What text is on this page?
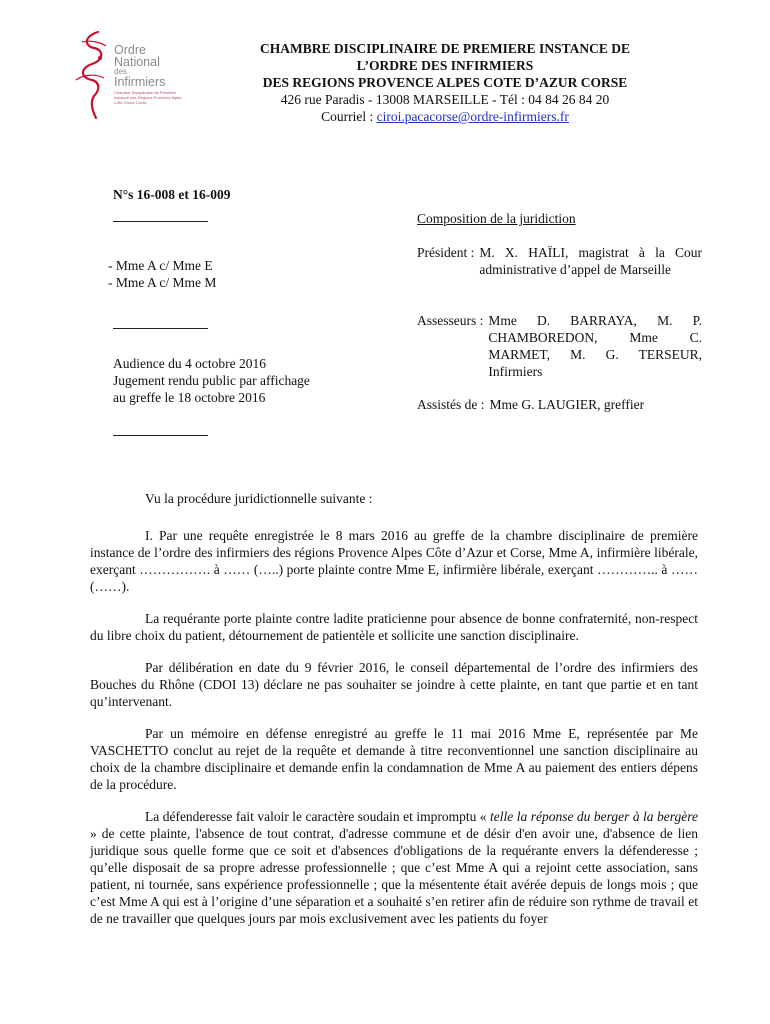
Ordre
National
des
Infirmiers
Chambre Disciplinaire de Première Instance des Régions Provence Alpes Côte d'Azur Corse
CHAMBRE DISCIPLINAIRE DE PREMIERE INSTANCE DE
L’ORDRE DES INFIRMIERS
DES REGIONS PROVENCE ALPES COTE D’AZUR CORSE
426 rue Paradis - 13008 MARSEILLE - Tél : 04 84 26 84 20
Courriel : ciroi.pacacorse@ordre-infirmiers.fr
N°s 16-008 et 16-009
- Mme A c/ Mme E
- Mme A c/ Mme M
Audience du 4 octobre 2016
Jugement rendu public par affichage
au greffe le 18 octobre 2016
Composition de la juridiction
Président : M. X. HAÏLI, magistrat à la Cour administrative d’appel de Marseille
Assesseurs : Mme D. BARRAYA, M. P. CHAMBOREDON, Mme C. MARMET, M. G. TERSEUR, Infirmiers
Assistés de : Mme G. LAUGIER, greffier

Vu la procédure juridictionnelle suivante :

I. Par une requête enregistrée le 8 mars 2016 au greffe de la chambre disciplinaire de première instance de l’ordre des infirmiers des régions Provence Alpes Côte d’Azur et Corse, Mme A, infirmière libérale, exerçant ……………. à …… (…..) porte plainte contre Mme E, infirmière libérale, exerçant ………….. à …… (……).

La requérante porte plainte contre ladite praticienne pour absence de bonne confraternité, non-respect du libre choix du patient, détournement de patientèle et sollicite une sanction disciplinaire.

Par délibération en date du 9 février 2016, le conseil départemental de l’ordre des infirmiers des Bouches du Rhône (CDOI 13) déclare ne pas souhaiter se joindre à cette plainte, en tant que partie et en tant qu’intervenant.

Par un mémoire en défense enregistré au greffe le 11 mai 2016 Mme E, représentée par Me VASCHETTO conclut au rejet de la requête et demande à titre reconventionnel une sanction disciplinaire au choix de la chambre disciplinaire et demande enfin la condamnation de Mme A au paiement des entiers dépens de la procédure.

La défenderesse fait valoir le caractère soudain et impromptu « telle la réponse du berger à la bergère » de cette plainte, l'absence de tout contrat, d'adresse commune et de désir d'en avoir une, d'absence de lien juridique sous quelle forme que ce soit et d'absences d'obligations de la requérante envers la défenderesse ; qu’elle disposait de sa propre adresse professionnelle ; que c’est Mme A qui a rejoint cette association, sans patient, ni tournée, sans expérience professionnelle ; que la mésentente était avérée depuis de longs mois ; que c’est Mme A qui est à l’origine d’une séparation et a souhaité s’en retirer afin de réduire son rythme de travail et de ne travailler que quelques jours par mois exclusivement avec les patients du foyer
